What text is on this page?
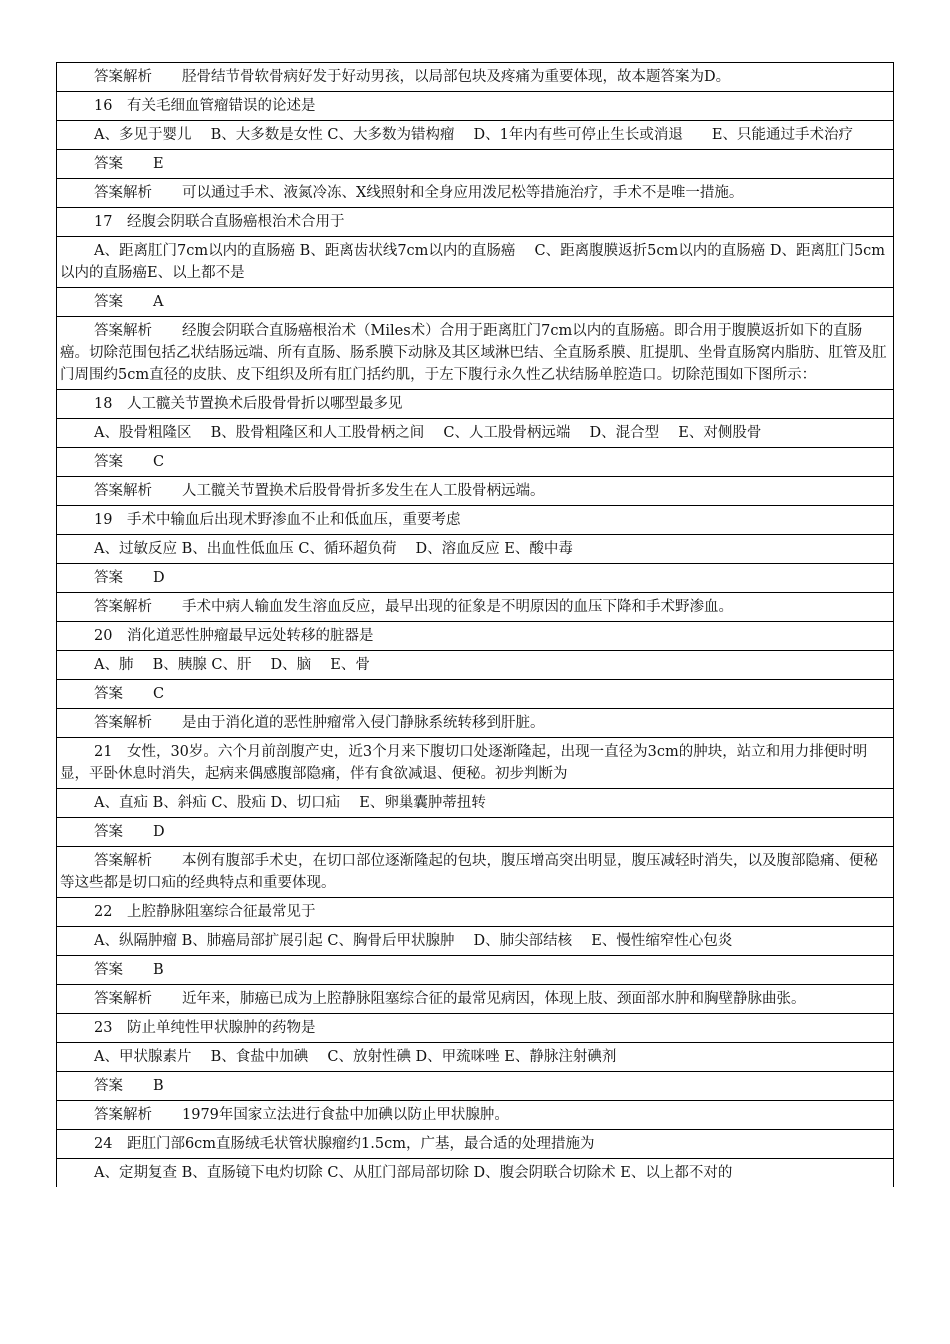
答案解析 胫骨结节骨软骨病好发于好动男孩，以局部包块及疼痛为重要体现，故本题答案为D。
16　有关毛细血管瘤错误的论述是
A、多见于婴儿　 B、大多数是女性 C、大多数为错构瘤　 D、1年内有些可停止生长或消退　　E、只能通过手术治疗
答案 E
答案解析 可以通过手术、液氮冷冻、X线照射和全身应用泼尼松等措施治疗，手术不是唯一措施。
17　经腹会阴联合直肠癌根治术合用于
A、距离肛门7cm以内的直肠癌 B、距离齿状线7cm以内的直肠癌　 C、距离腹膜返折5cm以内的直肠癌 D、距离肛门5cm以内的直肠癌E、以上都不是
答案 A
答案解析 经腹会阴联合直肠癌根治术（Miles术）合用于距离肛门7cm以内的直肠癌。即合用于腹膜返折如下的直肠癌。切除范围包括乙状结肠远端、所有直肠、肠系膜下动脉及其区域淋巴结、全直肠系膜、肛提肌、坐骨直肠窝内脂肪、肛管及肛门周围约5cm直径的皮肤、皮下组织及所有肛门括约肌，于左下腹行永久性乙状结肠单腔造口。切除范围如下图所示：
18　人工髋关节置换术后股骨骨折以哪型最多见
A、股骨粗隆区　 B、股骨粗隆区和人工股骨柄之间　 C、人工股骨柄远端　 D、混合型　 E、对侧股骨
答案 C
答案解析 人工髋关节置换术后股骨骨折多发生在人工股骨柄远端。
19　手术中输血后出现术野渗血不止和低血压，重要考虑
A、过敏反应 B、出血性低血压 C、循环超负荷　 D、溶血反应 E、酸中毒
答案 D
答案解析 手术中病人输血发生溶血反应，最早出现的征象是不明原因的血压下降和手术野渗血。
20　消化道恶性肿瘤最早远处转移的脏器是
A、肺　 B、胰腺 C、肝　 D、脑　 E、骨
答案 C
答案解析 是由于消化道的恶性肿瘤常入侵门静脉系统转移到肝脏。
21　女性，30岁。六个月前剖腹产史，近3个月来下腹切口处逐渐隆起，出现一直径为3cm的肿块，站立和用力排便时明显，平卧休息时消失，起病来偶感腹部隐痛，伴有食欲减退、便秘。初步判断为
A、直疝 B、斜疝 C、股疝 D、切口疝　 E、卵巢囊肿蒂扭转
答案 D
答案解析 本例有腹部手术史，在切口部位逐渐隆起的包块，腹压增高突出明显，腹压减轻时消失，以及腹部隐痛、便秘等这些都是切口疝的经典特点和重要体现。
22　上腔静脉阻塞综合征最常见于
A、纵隔肿瘤 B、肺癌局部扩展引起 C、胸骨后甲状腺肿　 D、肺尖部结核　 E、慢性缩窄性心包炎
答案 B
答案解析 近年来，肺癌已成为上腔静脉阻塞综合征的最常见病因，体现上肢、颈面部水肿和胸壁静脉曲张。
23　防止单纯性甲状腺肿的药物是
A、甲状腺素片　 B、食盐中加碘　 C、放射性碘 D、甲巯咪唑 E、静脉注射碘剂
答案 B
答案解析 1979年国家立法进行食盐中加碘以防止甲状腺肿。
24　距肛门部6cm直肠绒毛状管状腺瘤约1.5cm，广基，最合适的处理措施为
A、定期复查 B、直肠镜下电灼切除 C、从肛门部局部切除 D、腹会阴联合切除术 E、以上都不对的
